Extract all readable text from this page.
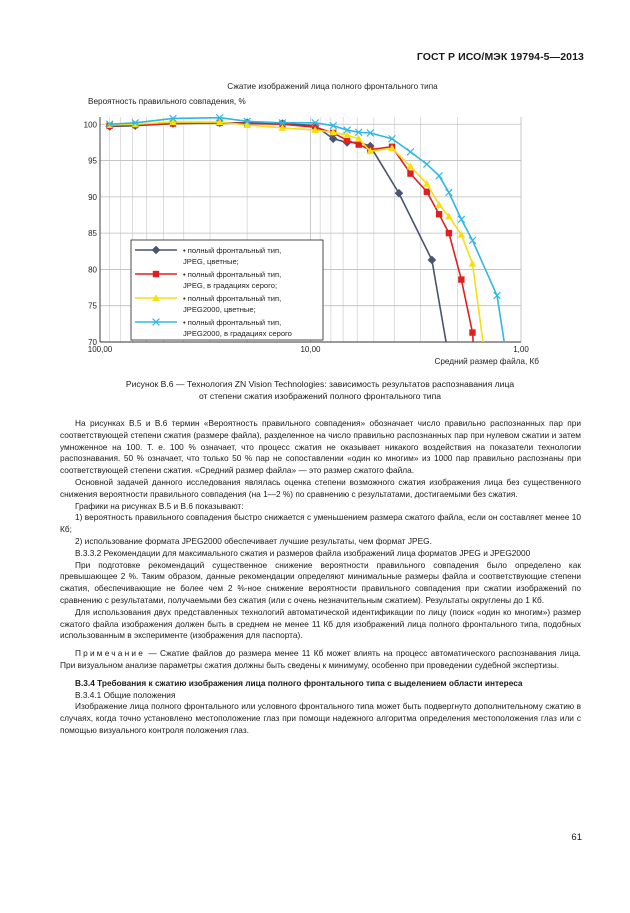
ГОСТ Р ИСО/МЭК 19794-5—2013
Сжатие изображений лица полного фронтального типа
Вероятность правильного совпадения, %
70
75
80
85
90
95
100
100,00	10,00	1,00
Средний размер файла, Кб
• полный фронтальный тип,
JPEG, цветные;
• полный фронтальный тип,
JPEG, в градациях серого;
• полный фронтальный тип,
JPEG2000, цветные;
• полный фронтальный тип,
JPEG2000, в градациях серого
Рисунок В.6 — Технология ZN Vision Technologies: зависимость результатов распознавания лица
от степени сжатия изображений полного фронтального типа

На рисунках В.5 и В.6 термин «Вероятность правильного совпадения» обозначает число правильно распознанных пар при соответствующей степени сжатия (размере файла), разделенное на число правильно распознанных пар при нулевом сжатии и затем умноженное на 100. Т. е. 100 % означает, что процесс сжатия не оказывает никакого воздействия на показатели технологии распознавания. 50 % означает, что только 50 % пар не сопоставлении «один ко многим» из 1000 пар правильно распознаны при соответствующей степени сжатия. «Средний размер файла» — это размер сжатого файла.

Основной задачей данного исследования являлась оценка степени возможного сжатия изображения лица без существенного снижения вероятности правильного совпадения (на 1—2 %) по сравнению с результатами, достигаемыми без сжатия.

Графики на рисунках В.5 и В.6 показывают:

1) вероятность правильного совпадения быстро снижается с уменьшением размера сжатого файла, если он составляет менее 10 Кб;

2) использование формата JPEG2000 обеспечивает лучшие результаты, чем формат JPEG.

В.3.3.2 Рекомендации для максимального сжатия и размеров файла изображений лица форматов JPEG и JPEG2000

При подготовке рекомендаций существенное снижение вероятности правильного совпадения было определено как превышающее 2 %. Таким образом, данные рекомендации определяют минимальные размеры файла и соответствующие степени сжатия, обеспечивающие не более чем 2 %-ное снижение вероятности правильного совпадения при сжатии изображений по сравнению с результатами, получаемыми без сжатия (или с очень незначительным сжатием). Результаты округлены до 1 Кб.

Для использования двух представленных технологий автоматической идентификации по лицу (поиск «один ко многим») размер сжатого файла изображения должен быть в среднем не менее 11 Кб для изображений лица полного фронтального типа, подобных использованным в эксперименте (изображения для паспорта).

Примечание — Сжатие файлов до размера менее 11 Кб может влиять на процесс автоматического распознавания лица. При визуальном анализе параметры сжатия должны быть сведены к минимуму, особенно при проведении судебной экспертизы.

В.3.4 Требования к сжатию изображения лица полного фронтального типа с выделением области интереса

В.3.4.1 Общие положения

Изображение лица полного фронтального или условного фронтального типа может быть подвергнуто дополнительному сжатию в случаях, когда точно установлено местоположение глаз при помощи надежного алгоритма определения местоположения глаз или с помощью визуального контроля положения глаз.

61
